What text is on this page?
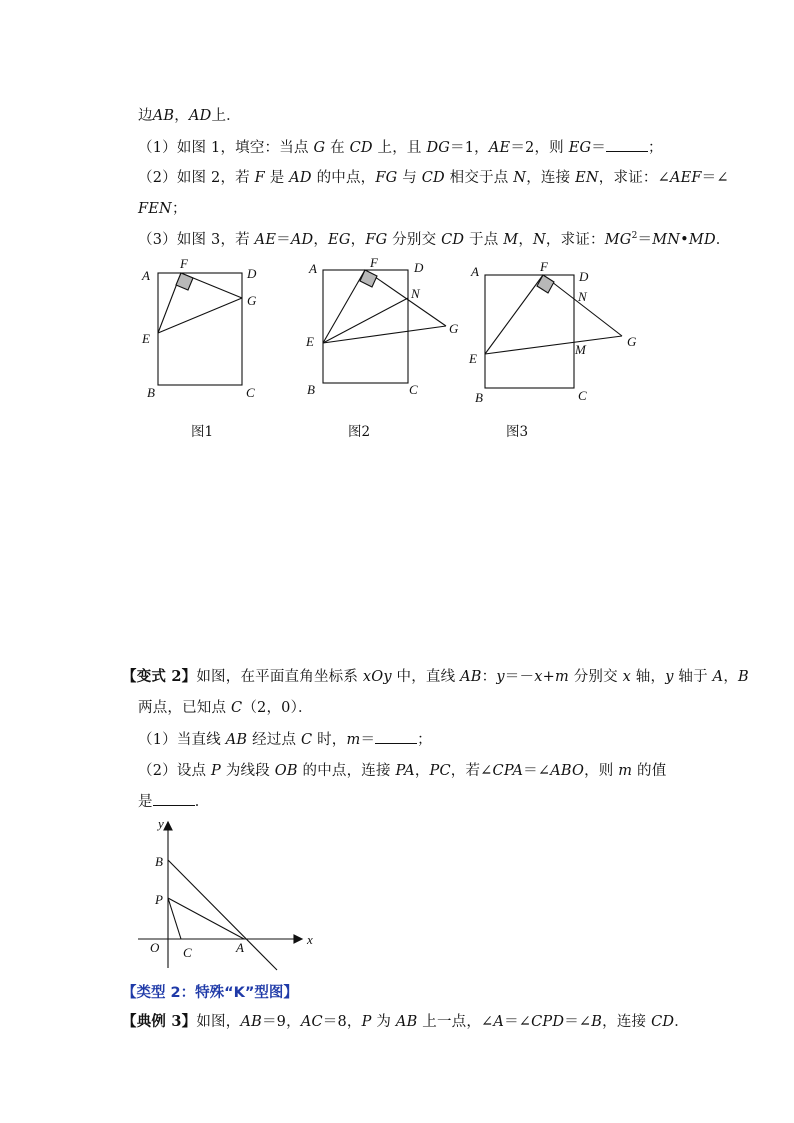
边AB，AD上．
（1）如图 1，填空：当点 G 在 CD 上，且 DG＝1，AE＝2，则 EG＝	；
（2）如图 2，若 F 是 AD 的中点，FG 与 CD 相交于点 N，连接 EN，求证：∠AEF＝∠
FEN；
（3）如图 3，若 AE＝AD，EG，FG 分别交 CD 于点 M，N，求证：$MG^2=MN•MD$．
A
F
D
G
E
B	C
A	F	D
N
G
E
B	C
A	F
D
N
M
G
E
B	C
y
x
B
P
O C	A
图1	图2	图3
【变式 2】如图，在平面直角坐标系 xOy 中，直线 AB：y＝－x+m 分别交 x 轴，y 轴于 A，B
两点，已知点 C（2，0）．
（1）当直线 AB 经过点 C 时，m＝	；
（2）设点 P 为线段 OB 的中点，连接 PA，PC，若∠CPA＝∠ABO，则 m 的值
是	．
【类型 2：特殊“K”型图】
【典例 3】如图，AB＝9，AC＝8，P 为 AB 上一点，∠A＝∠CPD＝∠B，连接 CD．
